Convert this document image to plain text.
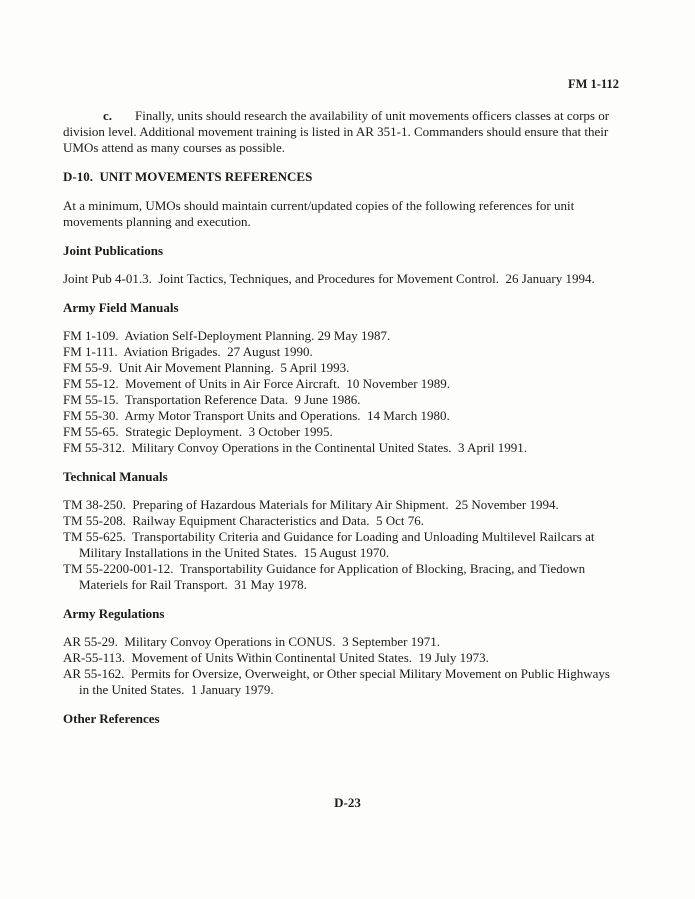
FM 1-112

c. Finally, units should research the availability of unit movements officers classes at corps or division level. Additional movement training is listed in AR 351-1. Commanders should ensure that their UMOs attend as many courses as possible.

D-10.  UNIT MOVEMENTS REFERENCES

At a minimum, UMOs should maintain current/updated copies of the following references for unit movements planning and execution.

Joint Publications
Joint Pub 4-01.3.  Joint Tactics, Techniques, and Procedures for Movement Control.  26 January 1994.
Army Field Manuals
FM 1-109.  Aviation Self-Deployment Planning. 29 May 1987.
FM 1-111.  Aviation Brigades.  27 August 1990.
FM 55-9.  Unit Air Movement Planning.  5 April 1993.
FM 55-12.  Movement of Units in Air Force Aircraft.  10 November 1989.
FM 55-15.  Transportation Reference Data.  9 June 1986.
FM 55-30.  Army Motor Transport Units and Operations.  14 March 1980.
FM 55-65.  Strategic Deployment.  3 October 1995.
FM 55-312.  Military Convoy Operations in the Continental United States.  3 April 1991.
Technical Manuals
TM 38-250.  Preparing of Hazardous Materials for Military Air Shipment.  25 November 1994.
TM 55-208.  Railway Equipment Characteristics and Data.  5 Oct 76.
TM 55-625.  Transportability Criteria and Guidance for Loading and Unloading Multilevel Railcars at Military Installations in the United States.  15 August 1970.
TM 55-2200-001-12.  Transportability Guidance for Application of Blocking, Bracing, and Tiedown Materiels for Rail Transport.  31 May 1978.
Army Regulations
AR 55-29.  Military Convoy Operations in CONUS.  3 September 1971.
AR-55-113.  Movement of Units Within Continental United States.  19 July 1973.
AR 55-162.  Permits for Oversize, Overweight, or Other special Military Movement on Public Highways in the United States.  1 January 1979.
Other References
D-23
